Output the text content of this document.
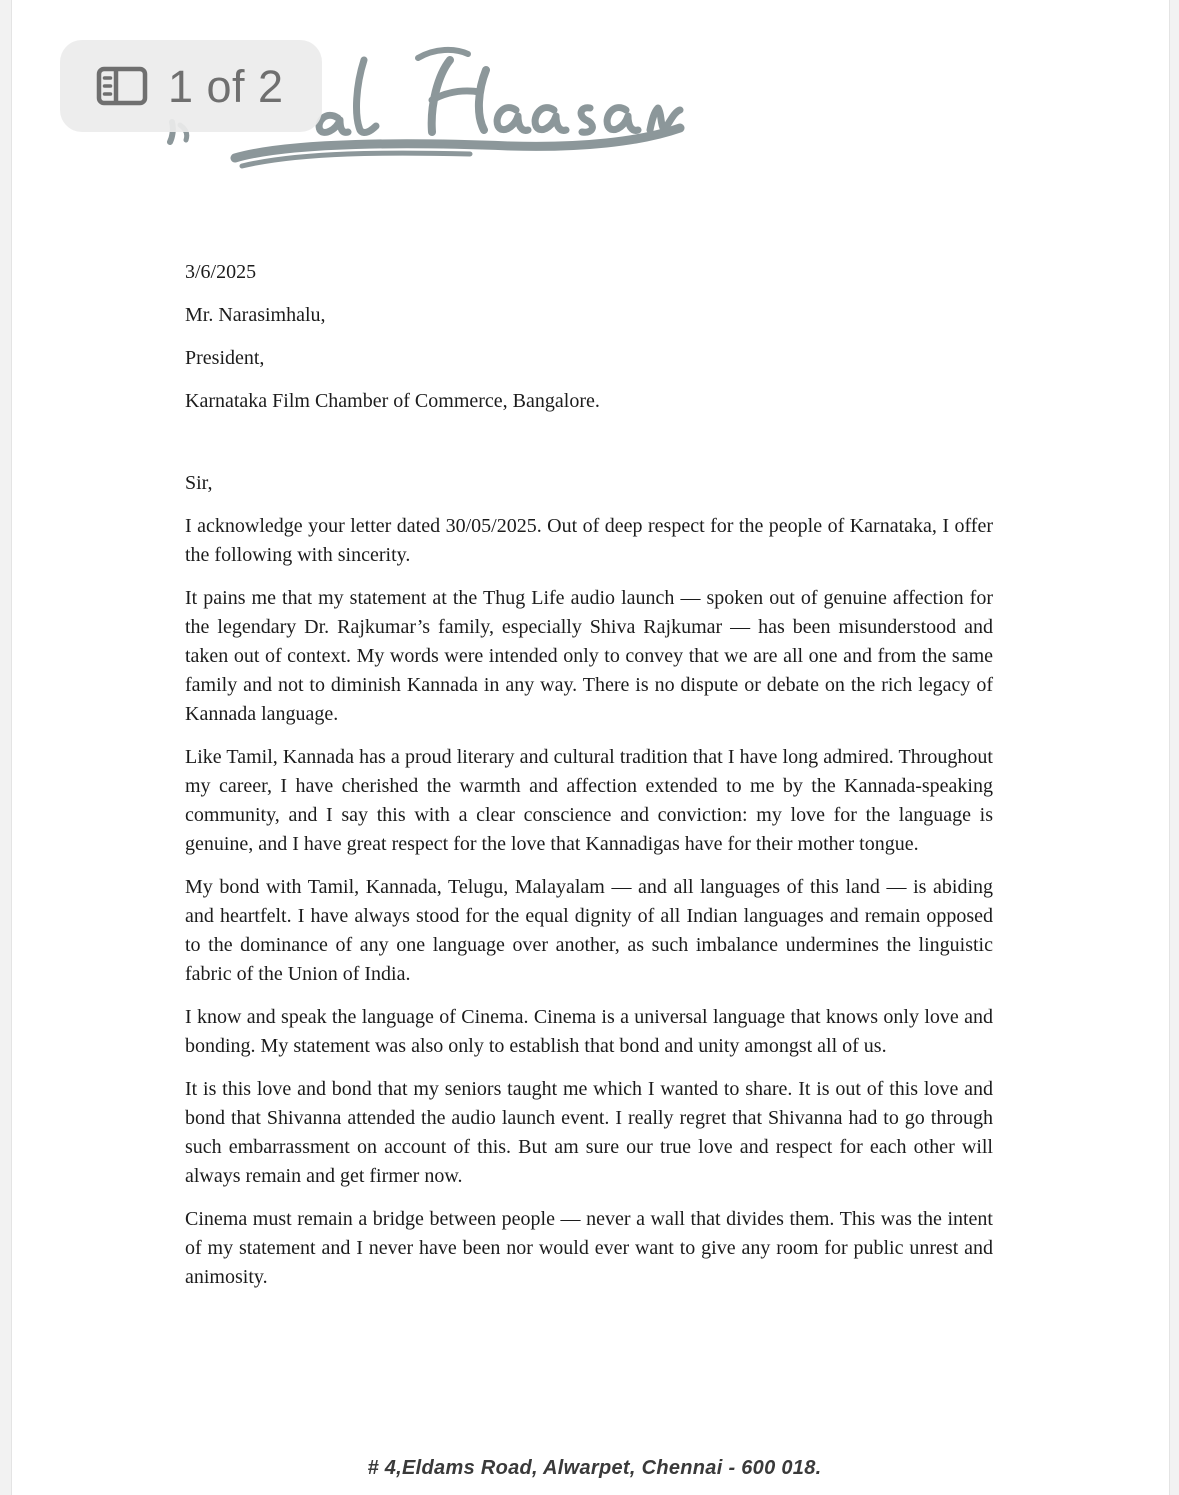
1 of 2

3/6/2025

Mr. Narasimhalu,

President,

Karnataka Film Chamber of Commerce, Bangalore.

Sir,

I acknowledge your letter dated 30/05/2025. Out of deep respect for the people of Karnataka, I offer the following with sincerity.

It pains me that my statement at the Thug Life audio launch — spoken out of genuine affection for the legendary Dr. Rajkumar’s family, especially Shiva Rajkumar — has been misunderstood and taken out of context. My words were intended only to convey that we are all one and from the same family and not to diminish Kannada in any way. There is no dispute or debate on the rich legacy of Kannada language.

Like Tamil, Kannada has a proud literary and cultural tradition that I have long admired. Throughout my career, I have cherished the warmth and affection extended to me by the Kannada-speaking community, and I say this with a clear conscience and conviction: my love for the language is genuine, and I have great respect for the love that Kannadigas have for their mother tongue.

My bond with Tamil, Kannada, Telugu, Malayalam — and all languages of this land — is abiding and heartfelt. I have always stood for the equal dignity of all Indian languages and remain opposed to the dominance of any one language over another, as such imbalance undermines the linguistic fabric of the Union of India.

I know and speak the language of Cinema. Cinema is a universal language that knows only love and bonding. My statement was also only to establish that bond and unity amongst all of us.

It is this love and bond that my seniors taught me which I wanted to share. It is out of this love and bond that Shivanna attended the audio launch event. I really regret that Shivanna had to go through such embarrassment on account of this. But am sure our true love and respect for each other will always remain and get firmer now.

Cinema must remain a bridge between people — never a wall that divides them. This was the intent of my statement and I never have been nor would ever want to give any room for public unrest and animosity.

# 4,Eldams Road, Alwarpet, Chennai - 600 018.
